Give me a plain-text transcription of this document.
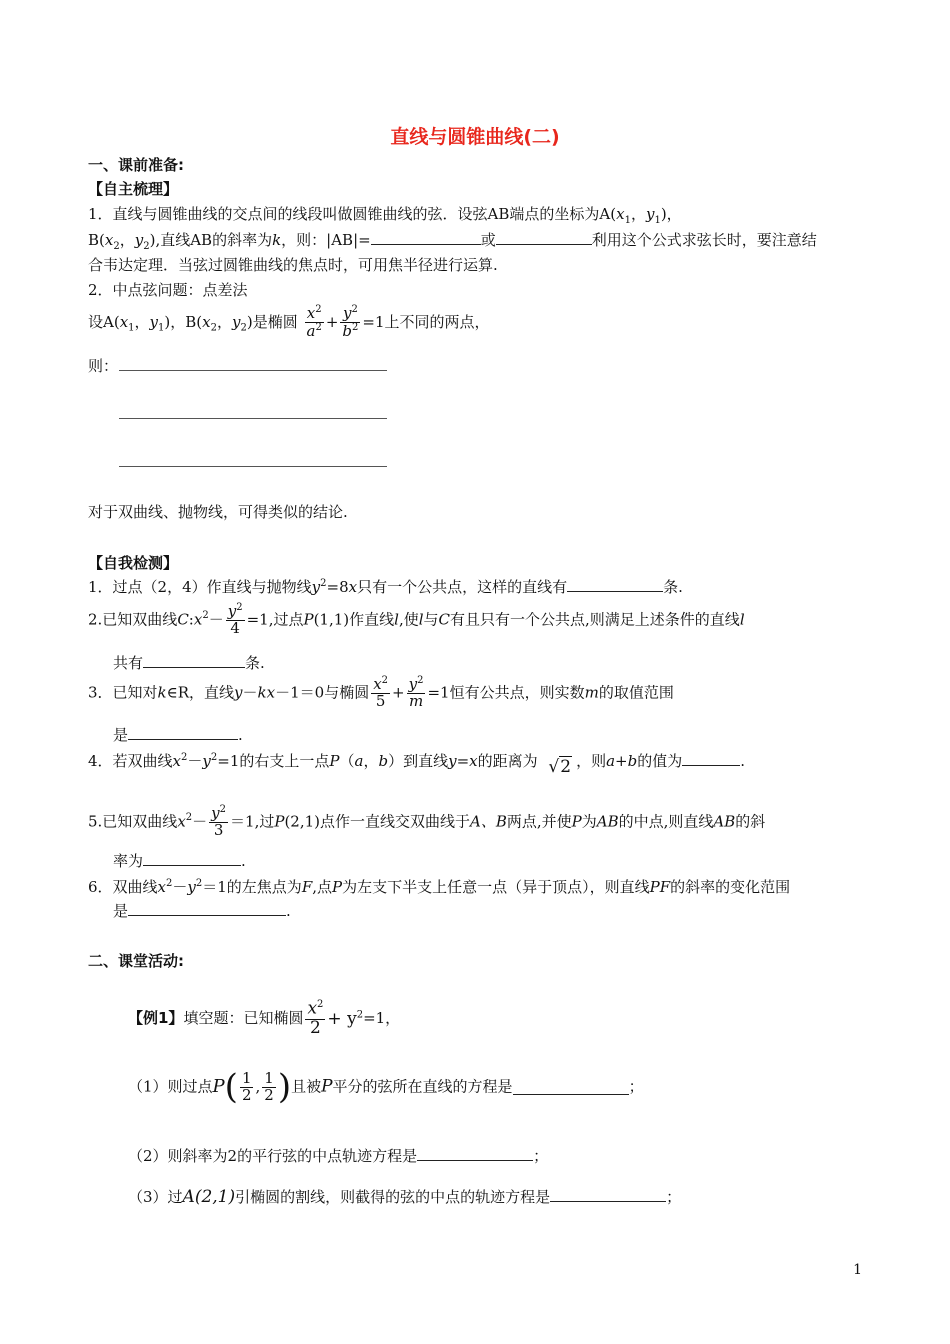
直线与圆锥曲线(二)
一、课前准备:
【自主梳理】
1．直线与圆锥曲线的交点间的线段叫做圆锥曲线的弦．设弦AB端点的坐标为$A(x_1$，$y_1$)，
$B(x_2$，$y_2$),直线AB的斜率为k，则：|AB|=	或	利用这个公式求弦长时，要注意结
合韦达定理．当弦过圆锥曲线的焦点时，可用焦半径进行运算.
2．中点弦问题：点差法
设$A(x_1$，$y_1$)，$B(x_2$，$y_2$)是椭圆 $\frac{x^2}{a^2} + \frac{y^2}{b^2} =1$上不同的两点，
则：
对于双曲线、抛物线，可得类似的结论.
【自我检测】
1．过点（2，4）作直线与抛物线$y^2=8x$只有一个公共点，这样的直线有	条.
2.已知双曲线$C:x^2- \frac{y^2}{4} =1$,过点P(1,1)作直线l,使l与C有且只有一个公共点,则满足上述条件的直线l
共有	条.
3．已知对k∈R，直线y－kx－1＝0与椭圆 $\frac{x^2}{5} + \frac{y^2}{m} =1$恒有公共点，则实数m的取值范围
是	.
4．若双曲线$x^2-y^2=1$的右支上一点P（a，b）到直线y=x的距离为 √2 ，则a+b的值为	.
5.已知双曲线$x^2- \frac{y^2}{3} =1$,过P(2,1)点作一直线交双曲线于A、B两点,并使P为AB的中点,则直线AB的斜
率为	.
6．双曲线$x^2-y^2=1$的左焦点为F,点P为左支下半支上任意一点（异于顶点），则直线PF的斜率的变化范围
是	.
二、课堂活动:
【例1】填空题：已知椭圆 $\frac{x^2}{2} + y^2=1$，
（1）则过点$P( \frac{1}{2}$ , $\frac{1}{2}$ )且被P平分的弦所在直线的方程是	；
（2）则斜率为2的平行弦的中点轨迹方程是	；
（3）过A(2,1)引椭圆的割线，则截得的弦的中点的轨迹方程是	；
1
